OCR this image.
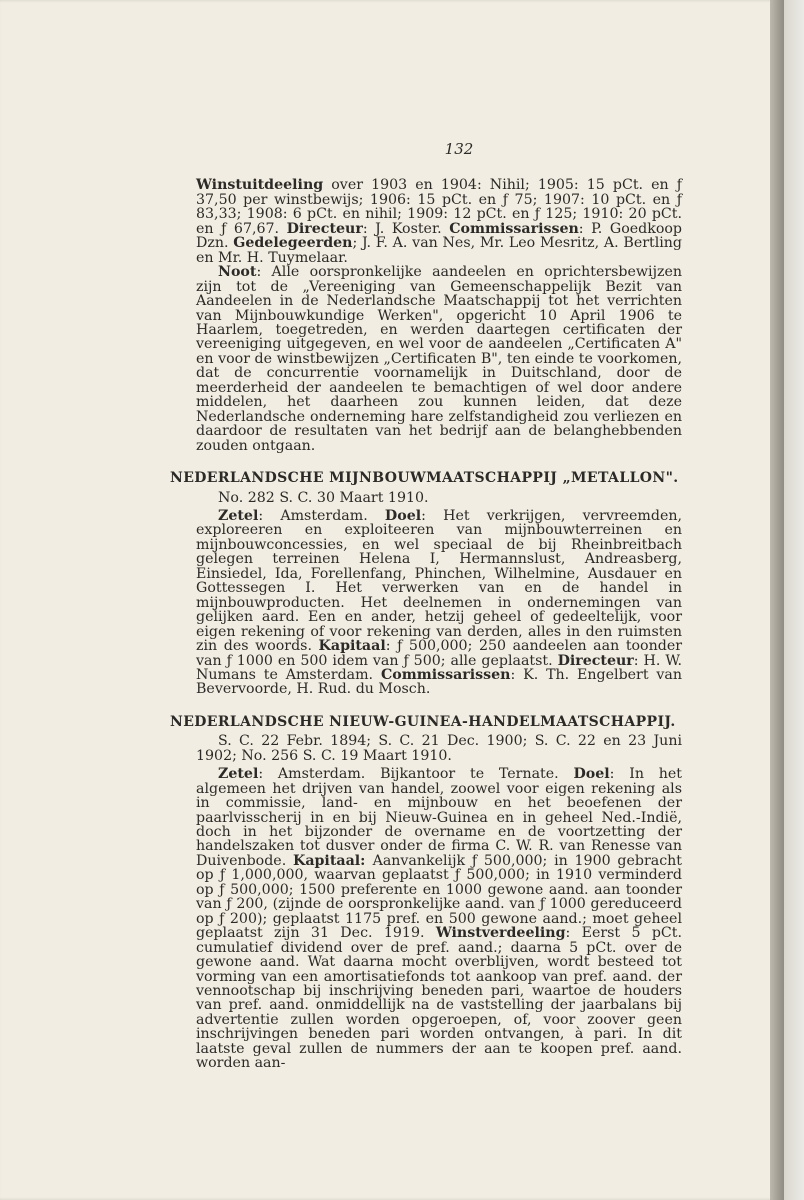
132

Winstuitdeeling over 1903 en 1904: Nihil; 1905: 15 pCt. en ƒ 37,50 per winstbewijs; 1906: 15 pCt. en ƒ 75; 1907: 10 pCt. en ƒ 83,33; 1908: 6 pCt. en nihil; 1909: 12 pCt. en ƒ 125; 1910: 20 pCt. en ƒ 67,67. Directeur: J. Koster. Commissarissen: P. Goedkoop Dzn. Gedelegeerden; J. F. A. van Nes, Mr. Leo Mesritz, A. Bertling en Mr. H. Tuymelaar.

Noot: Alle oorspronkelijke aandeelen en oprichtersbewijzen zijn tot de „Vereeniging van Gemeenschappelijk Bezit van Aandeelen in de Nederlandsche Maatschappij tot het verrichten van Mijnbouwkundige Werken", opgericht 10 April 1906 te Haarlem, toegetreden, en werden daartegen certificaten der vereeniging uitgegeven, en wel voor de aandeelen „Certificaten A" en voor de winstbewijzen „Certificaten B", ten einde te voorkomen, dat de concurrentie voornamelijk in Duitschland, door de meerderheid der aandeelen te bemachtigen of wel door andere middelen, het daarheen zou kunnen leiden, dat deze Nederlandsche onderneming hare zelfstandigheid zou verliezen en daardoor de resultaten van het bedrijf aan de belanghebbenden zouden ontgaan.

NEDERLANDSCHE MIJNBOUWMAATSCHAPPIJ „METALLON".

No. 282 S. C. 30 Maart 1910.

Zetel: Amsterdam. Doel: Het verkrijgen, vervreemden, exploreeren en exploiteeren van mijnbouwterreinen en mijnbouwconcessies, en wel speciaal de bij Rheinbreitbach gelegen terreinen Helena I, Hermannslust, Andreasberg, Einsiedel, Ida, Forellenfang, Phinchen, Wilhelmine, Ausdauer en Gottessegen I. Het verwerken van en de handel in mijnbouwproducten. Het deelnemen in ondernemingen van gelijken aard. Een en ander, hetzij geheel of gedeeltelijk, voor eigen rekening of voor rekening van derden, alles in den ruimsten zin des woords. Kapitaal: ƒ 500,000; 250 aandeelen aan toonder van ƒ 1000 en 500 idem van ƒ 500; alle geplaatst. Directeur: H. W. Numans te Amsterdam. Commissarissen: K. Th. Engelbert van Bevervoorde, H. Rud. du Mosch.

NEDERLANDSCHE NIEUW-GUINEA-HANDELMAATSCHAPPIJ.

S. C. 22 Febr. 1894; S. C. 21 Dec. 1900; S. C. 22 en 23 Juni 1902; No. 256 S. C. 19 Maart 1910.

Zetel: Amsterdam. Bijkantoor te Ternate. Doel: In het algemeen het drijven van handel, zoowel voor eigen rekening als in commissie, land- en mijnbouw en het beoefenen der paarlvisscherij in en bij Nieuw-Guinea en in geheel Ned.-Indië, doch in het bijzonder de overname en de voortzetting der handelszaken tot dusver onder de firma C. W. R. van Renesse van Duivenbode. Kapitaal: Aanvankelijk ƒ 500,000; in 1900 gebracht op ƒ 1,000,000, waarvan geplaatst ƒ 500,000; in 1910 verminderd op ƒ 500,000; 1500 preferente en 1000 gewone aand. aan toonder van ƒ 200, (zijnde de oorspronkelijke aand. van ƒ 1000 gereduceerd op ƒ 200); geplaatst 1175 pref. en 500 gewone aand.; moet geheel geplaatst zijn 31 Dec. 1919. Winstverdeeling: Eerst 5 pCt. cumulatief dividend over de pref. aand.; daarna 5 pCt. over de gewone aand. Wat daarna mocht overblijven, wordt besteed tot vorming van een amortisatiefonds tot aankoop van pref. aand. der vennootschap bij inschrijving beneden pari, waartoe de houders van pref. aand. onmiddellijk na de vaststelling der jaarbalans bij advertentie zullen worden opgeroepen, of, voor zoover geen inschrijvingen beneden pari worden ontvangen, à pari. In dit laatste geval zullen de nummers der aan te koopen pref. aand. worden aan-
